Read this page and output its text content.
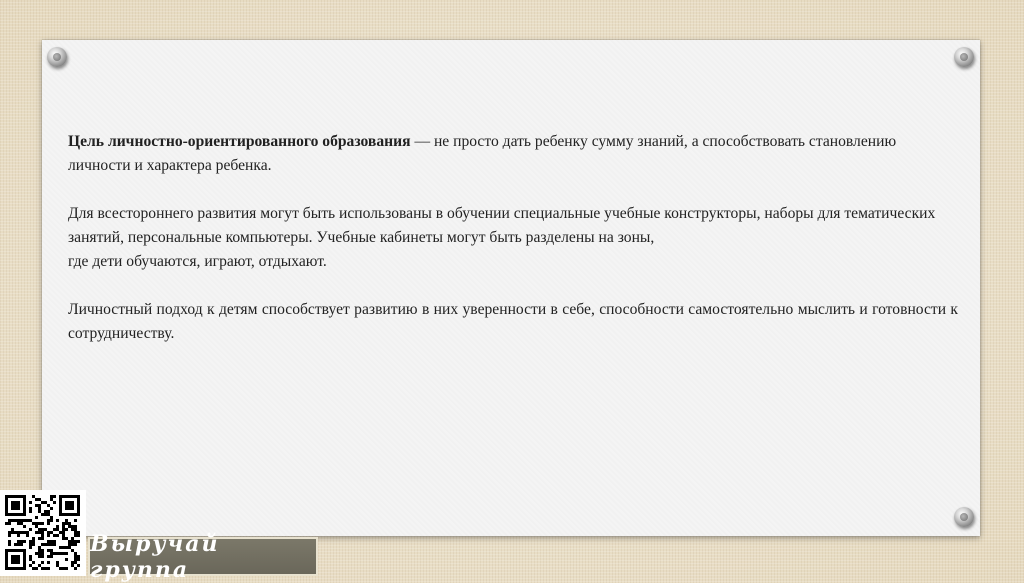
Цель личностно-ориентированного образования — не просто дать ребенку сумму знаний, а способствовать становлению личности и характера ребенка.

Для всестороннего развития могут быть использованы в обучении специальные учебные конструкторы, наборы для тематических занятий, персональные компьютеры. Учебные кабинеты могут быть разделены на зоны,
где дети обучаются, играют, отдыхают.

Личностный подход к детям способствует развитию в них уверенности в себе, способности самостоятельно мыслить и готовности к сотрудничеству.

Выручай группа
